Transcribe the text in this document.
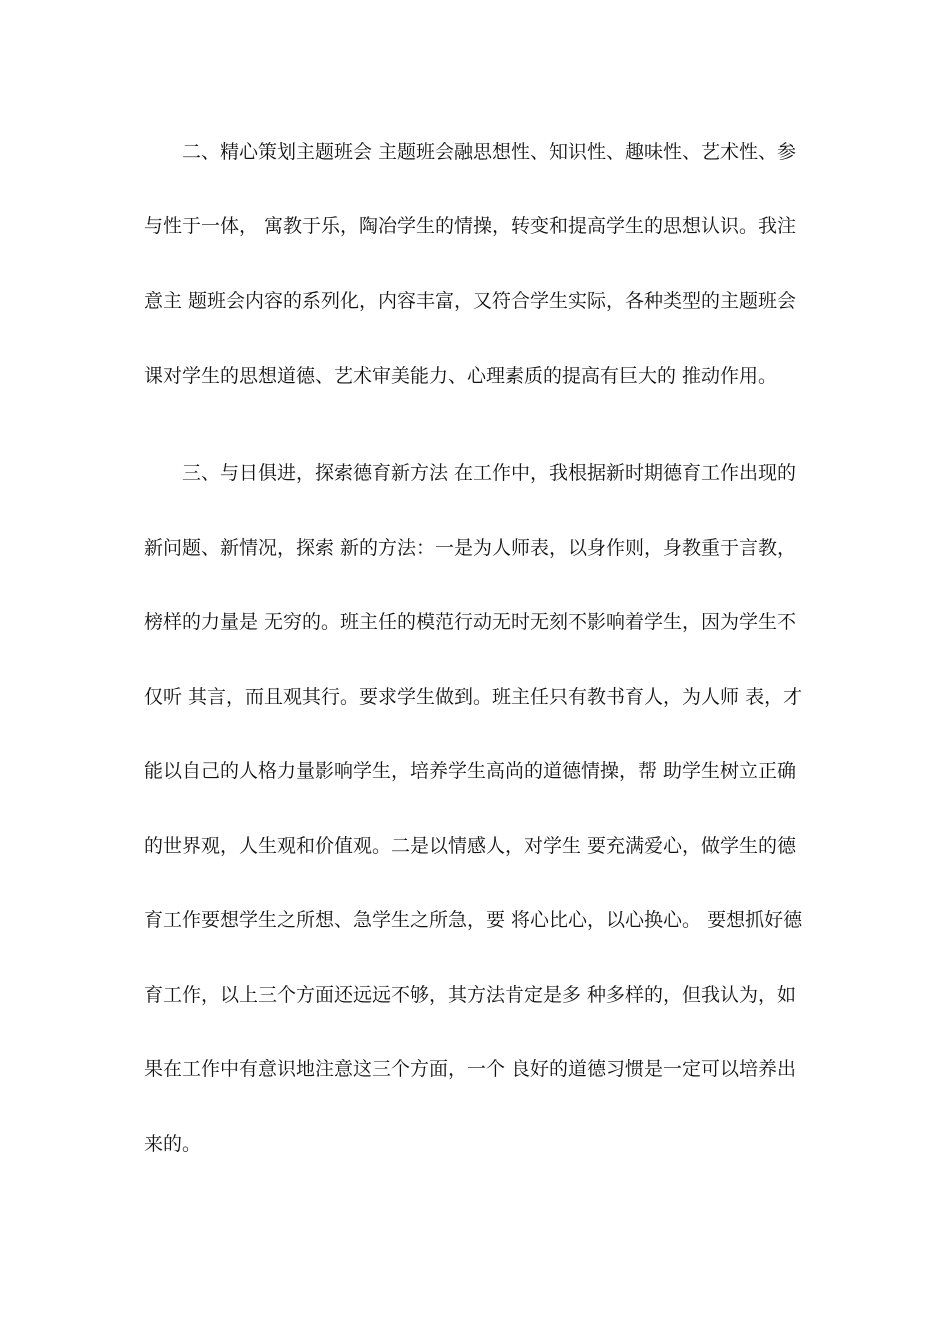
二、精心策划主题班会 主题班会融思想性、知识性、趣味性、艺术性、参
与性于一体， 寓教于乐，陶冶学生的情操，转变和提高学生的思想认识。我注
意主 题班会内容的系列化，内容丰富，又符合学生实际，各种类型的主题班会
课对学生的思想道德、艺术审美能力、心理素质的提高有巨大的 推动作用。
三、与日俱进，探索德育新方法 在工作中，我根据新时期德育工作出现的
新问题、新情况，探索 新的方法：一是为人师表，以身作则，身教重于言教，
榜样的力量是 无穷的。班主任的模范行动无时无刻不影响着学生，因为学生不
仅听 其言，而且观其行。要求学生做到。班主任只有教书育人，为人师 表，才
能以自己的人格力量影响学生，培养学生高尚的道德情操，帮 助学生树立正确
的世界观，人生观和价值观。二是以情感人，对学生 要充满爱心，做学生的德
育工作要想学生之所想、急学生之所急，要 将心比心，以心换心。 要想抓好德
育工作，以上三个方面还远远不够，其方法肯定是多 种多样的，但我认为，如
果在工作中有意识地注意这三个方面，一个 良好的道德习惯是一定可以培养出
来的。
